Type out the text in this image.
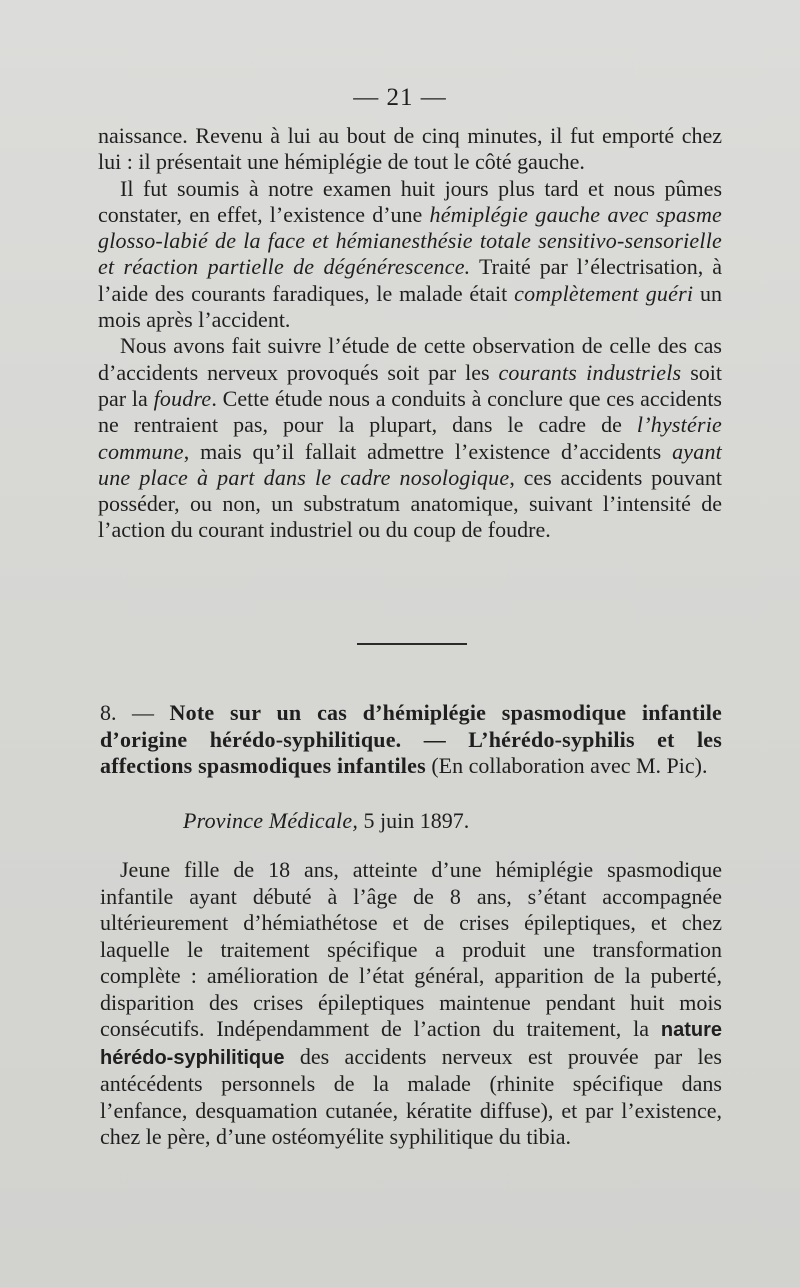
— 21 —

naissance. Revenu à lui au bout de cinq minutes, il fut emporté chez lui : il présentait une hémiplégie de tout le côté gauche.

Il fut soumis à notre examen huit jours plus tard et nous pûmes constater, en effet, l’existence d’une hémiplégie gauche avec spasme glosso-labié de la face et hémianesthésie totale sensitivo-sensorielle et réaction partielle de dégénérescence. Traité par l’électrisation, à l’aide des courants faradiques, le malade était complètement guéri un mois après l’accident.

Nous avons fait suivre l’étude de cette observation de celle des cas d’accidents nerveux provoqués soit par les courants industriels soit par la foudre. Cette étude nous a conduits à conclure que ces accidents ne rentraient pas, pour la plupart, dans le cadre de l’hystérie commune, mais qu’il fallait admettre l’existence d’accidents ayant une place à part dans le cadre nosologique, ces accidents pouvant posséder, ou non, un substratum anatomique, suivant l’intensité de l’action du courant industriel ou du coup de foudre.

8. — Note sur un cas d’hémiplégie spasmodique infantile d’origine hérédo-syphilitique. — L’hérédo-syphilis et les affections spasmodiques infantiles (En collaboration avec M. Pic).

Province Médicale, 5 juin 1897.

Jeune fille de 18 ans, atteinte d’une hémiplégie spasmodique infantile ayant débuté à l’âge de 8 ans, s’étant accompagnée ultérieurement d’hémiathétose et de crises épileptiques, et chez laquelle le traitement spécifique a produit une transformation complète : amélioration de l’état général, apparition de la puberté, disparition des crises épileptiques maintenue pendant huit mois consécutifs. Indépendamment de l’action du traitement, la nature hérédo-syphilitique des accidents nerveux est prouvée par les antécédents personnels de la malade (rhinite spécifique dans l’enfance, desquamation cutanée, kératite diffuse), et par l’existence, chez le père, d’une ostéomyélite syphilitique du tibia.
